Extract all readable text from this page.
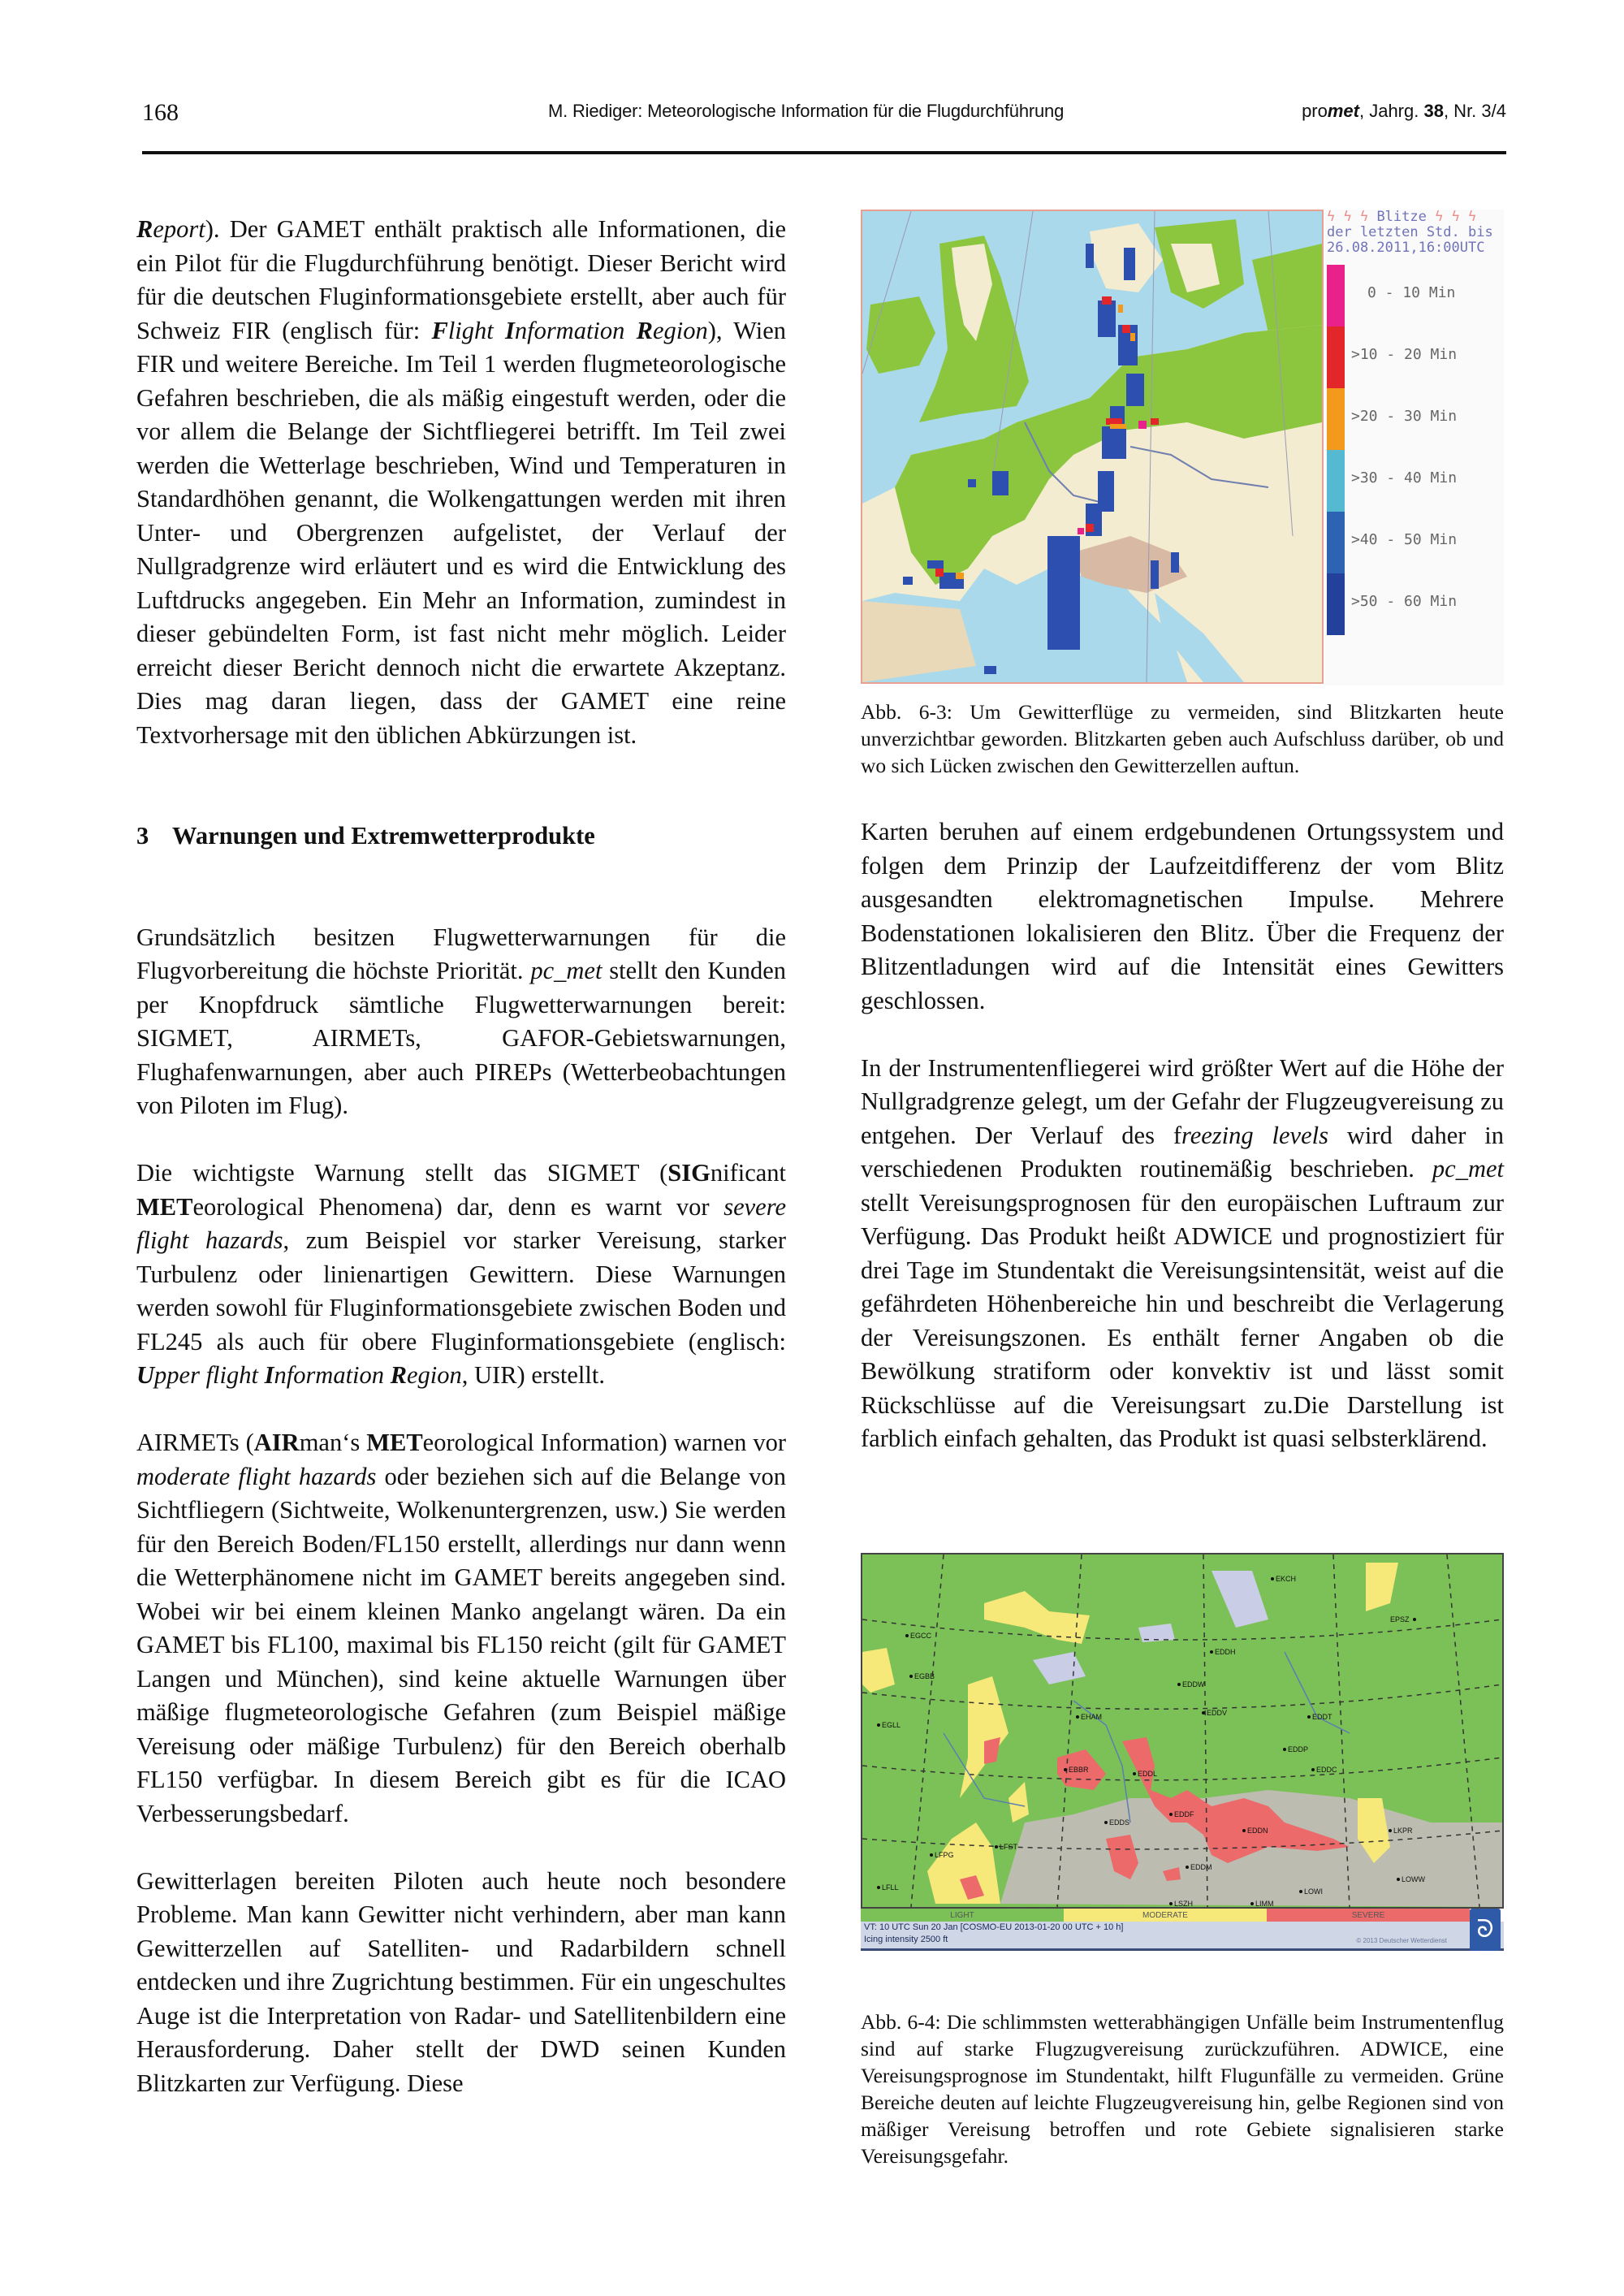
168	M. Riediger: Meteorologische Information für die Flugdurchführung	promet, Jahrg. 38, Nr. 3/4

Report). Der GAMET enthält praktisch alle Informationen, die ein Pilot für die Flugdurchführung benötigt. Dieser Bericht wird für die deutschen Fluginformationsgebiete erstellt, aber auch für Schweiz FIR (englisch für: Flight Information Region), Wien FIR und weitere Bereiche. Im Teil 1 werden flugmeteorologische Gefahren beschrieben, die als mäßig eingestuft werden, oder die vor allem die Belange der Sichtfliegerei betrifft. Im Teil zwei werden die Wetterlage beschrieben, Wind und Temperaturen in Standardhöhen genannt, die Wolkengattungen werden mit ihren Unter- und Obergrenzen aufgelistet, der Verlauf der Nullgradgrenze wird erläutert und es wird die Entwicklung des Luftdrucks angegeben. Ein Mehr an Information, zumindest in dieser gebündelten Form, ist fast nicht mehr möglich. Leider erreicht dieser Bericht dennoch nicht die erwartete Akzeptanz. Dies mag daran liegen, dass der GAMET eine reine Textvorhersage mit den üblichen Abkürzungen ist.

3 Warnungen und Extremwetterprodukte

Grundsätzlich besitzen Flugwetterwarnungen für die Flugvorbereitung die höchste Priorität. pc_met stellt den Kunden per Knopfdruck sämtliche Flugwetterwarnungen bereit: SIGMET, AIRMETs, GAFOR-Gebietswarnungen, Flughafenwarnungen, aber auch PIREPs (Wetterbeobachtungen von Piloten im Flug).

Die wichtigste Warnung stellt das SIGMET (SIGnificant METeorological Phenomena) dar, denn es warnt vor severe flight hazards, zum Beispiel vor starker Vereisung, starker Turbulenz oder linienartigen Gewittern. Diese Warnungen werden sowohl für Fluginformationsgebiete zwischen Boden und FL245 als auch für obere Fluginformationsgebiete (englisch: Upper flight Information Region, UIR) erstellt.

AIRMETs (AIRman‘s METeorological Information) warnen vor moderate flight hazards oder beziehen sich auf die Belange von Sichtfliegern (Sichtweite, Wolkenuntergrenzen, usw.) Sie werden für den Bereich Boden/FL150 erstellt, allerdings nur dann wenn die Wetterphänomene nicht im GAMET bereits angegeben sind. Wobei wir bei einem kleinen Manko angelangt wären. Da ein GAMET bis FL100, maximal bis FL150 reicht (gilt für GAMET Langen und München), sind keine aktuelle Warnungen über mäßige flugmeteorologische Gefahren (zum Beispiel mäßige Vereisung oder mäßige Turbulenz) für den Bereich oberhalb FL150 verfügbar. In diesem Bereich gibt es für die ICAO Verbesserungsbedarf.

Gewitterlagen bereiten Piloten auch heute noch besondere Probleme. Man kann Gewitter nicht verhindern, aber man kann Gewitterzellen auf Satelliten- und Radarbildern schnell entdecken und ihre Zugrichtung bestimmen. Für ein ungeschultes Auge ist die Interpretation von Radar- und Satellitenbildern eine Herausforderung. Daher stellt der DWD seinen Kunden Blitzkarten zur Verfügung. Diese

ϟ ϟ ϟ Blitze ϟ ϟ ϟ
der letzten Std. bis
26.08.2011,16:00UTC
0 - 10 Min
>10 - 20 Min
>20 - 30 Min
>30 - 40 Min
>40 - 50 Min
>50 - 60 Min
Abb. 6-3: Um Gewitterflüge zu vermeiden, sind Blitzkarten heute unverzichtbar geworden. Blitzkarten geben auch Aufschluss darüber, ob und wo sich Lücken zwischen den Gewitterzellen auftun.

Karten beruhen auf einem erdgebundenen Ortungssystem und folgen dem Prinzip der Laufzeitdifferenz der vom Blitz ausgesandten elektromagnetischen Impulse. Mehrere Bodenstationen lokalisieren den Blitz. Über die Frequenz der Blitzentladungen wird auf die Intensität eines Gewitters geschlossen.

In der Instrumentenfliegerei wird größter Wert auf die Höhe der Nullgradgrenze gelegt, um der Gefahr der Flugzeugvereisung zu entgehen. Der Verlauf des freezing levels wird daher in verschiedenen Produkten routinemäßig beschrieben. pc_met stellt Vereisungsprognosen für den europäischen Luftraum zur Verfügung. Das Produkt heißt ADWICE und prognostiziert für drei Tage im Stundentakt die Vereisungsintensität, weist auf die gefährdeten Höhenbereiche hin und beschreibt die Verlagerung der Vereisungszonen. Es enthält ferner Angaben ob die Bewölkung stratiform oder konvektiv ist und lässt somit Rückschlüsse auf die Vereisungsart zu.Die Darstellung ist farblich einfach gehalten, das Produkt ist quasi selbsterklärend.

EKCH
EPSZ
EGCC
EDDH
EGBB
EDDW
EHAM	EDDT
EDDV
EBBR
EGLL
EDDL
EDDF
EDDP
EDDC
EDDS
EDDN
EDDM
LKPR
LOWW
LFPG
LFST
LSZH
LFLL	LOWI
LIMM
LIGHT	MODERATE	SEVERE
VT: 10 UTC Sun 20 Jan [COSMO-EU 2013-01-20 00 UTC + 10 h]
Icing intensity 2500 ft	© 2013 Deutscher Wetterdienst ᘐ
Abb. 6-4: Die schlimmsten wetterabhängigen Unfälle beim Instrumentenflug sind auf starke Flugzugvereisung zurückzuführen. ADWICE, eine Vereisungsprognose im Stundentakt, hilft Flugunfälle zu vermeiden. Grüne Bereiche deuten auf leichte Flugzeugvereisung hin, gelbe Regionen sind von mäßiger Vereisung betroffen und rote Gebiete signalisieren starke Vereisungsgefahr.
